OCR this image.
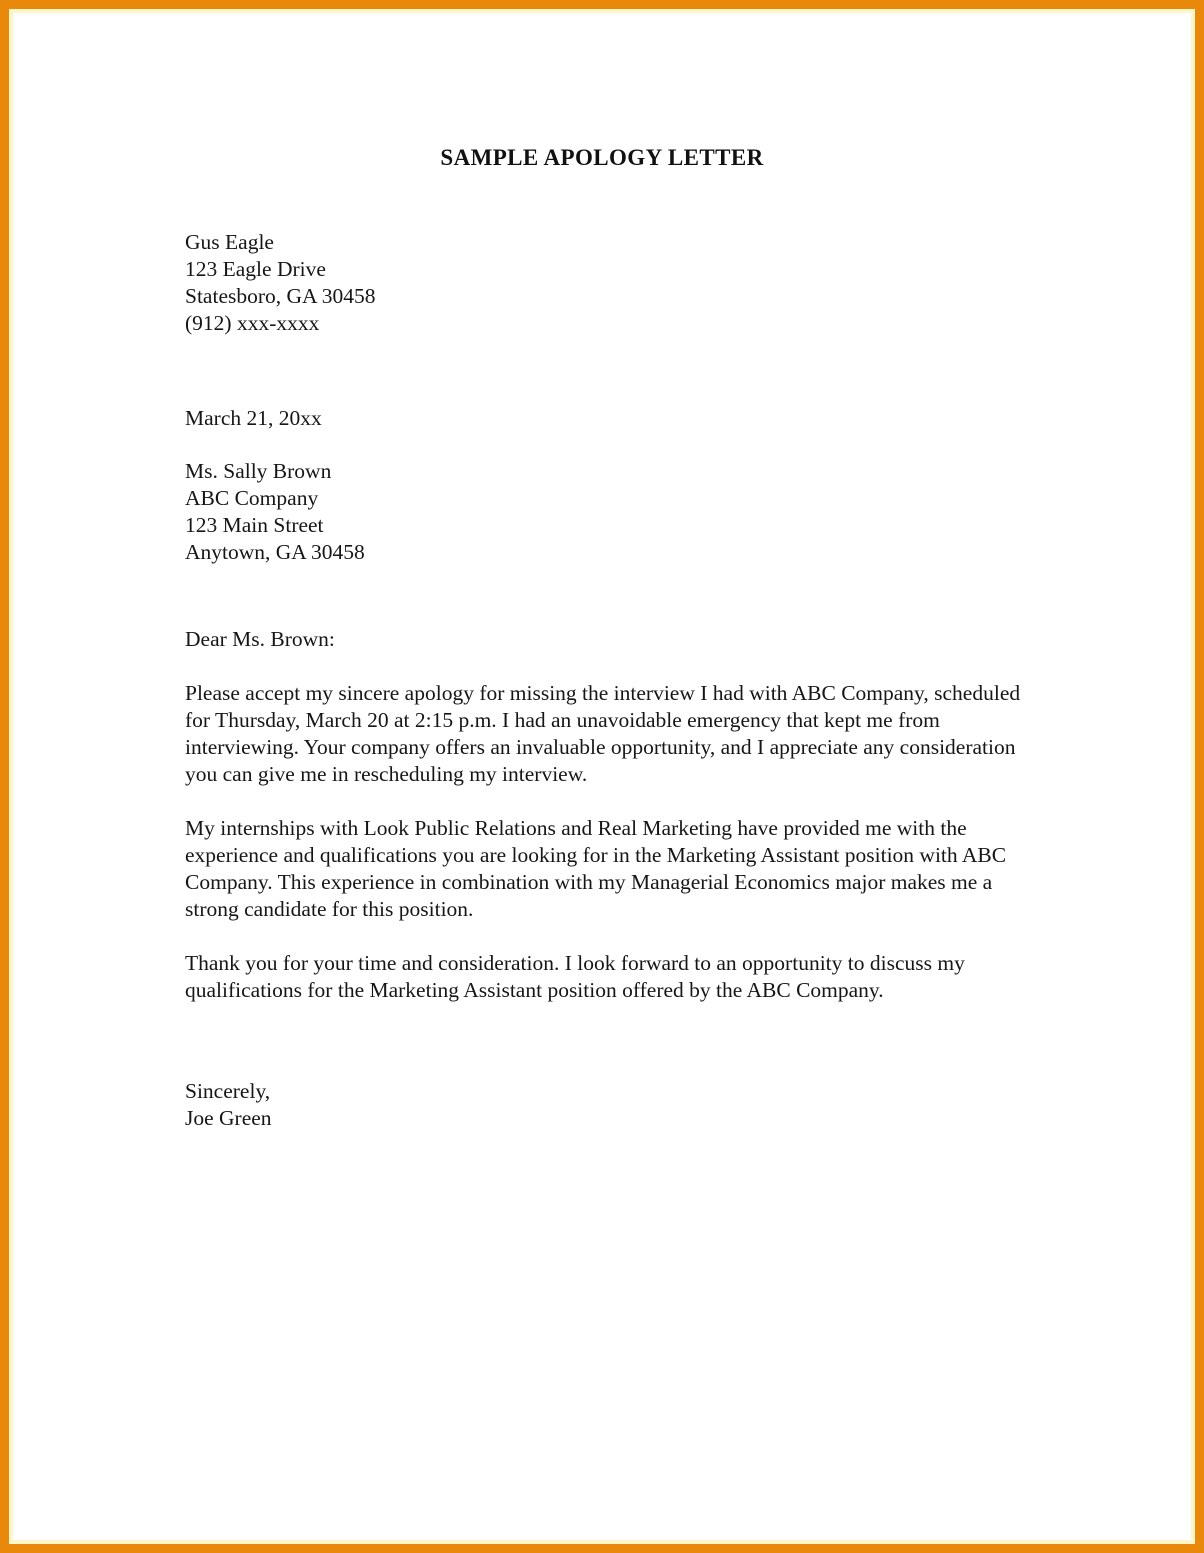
SAMPLE APOLOGY LETTER
Gus Eagle
123 Eagle Drive
Statesboro, GA 30458
(912) xxx-xxxx
March 21, 20xx
Ms. Sally Brown
ABC Company
123 Main Street
Anytown, GA 30458
Dear Ms. Brown:

Please accept my sincere apology for missing the interview I had with ABC Company, scheduled for Thursday, March 20 at 2:15 p.m. I had an unavoidable emergency that kept me from interviewing. Your company offers an invaluable opportunity, and I appreciate any consideration you can give me in rescheduling my interview.

My internships with Look Public Relations and Real Marketing have provided me with the experience and qualifications you are looking for in the Marketing Assistant position with ABC Company. This experience in combination with my Managerial Economics major makes me a strong candidate for this position.

Thank you for your time and consideration. I look forward to an opportunity to discuss my qualifications for the Marketing Assistant position offered by the ABC Company.

Sincerely,
Joe Green
